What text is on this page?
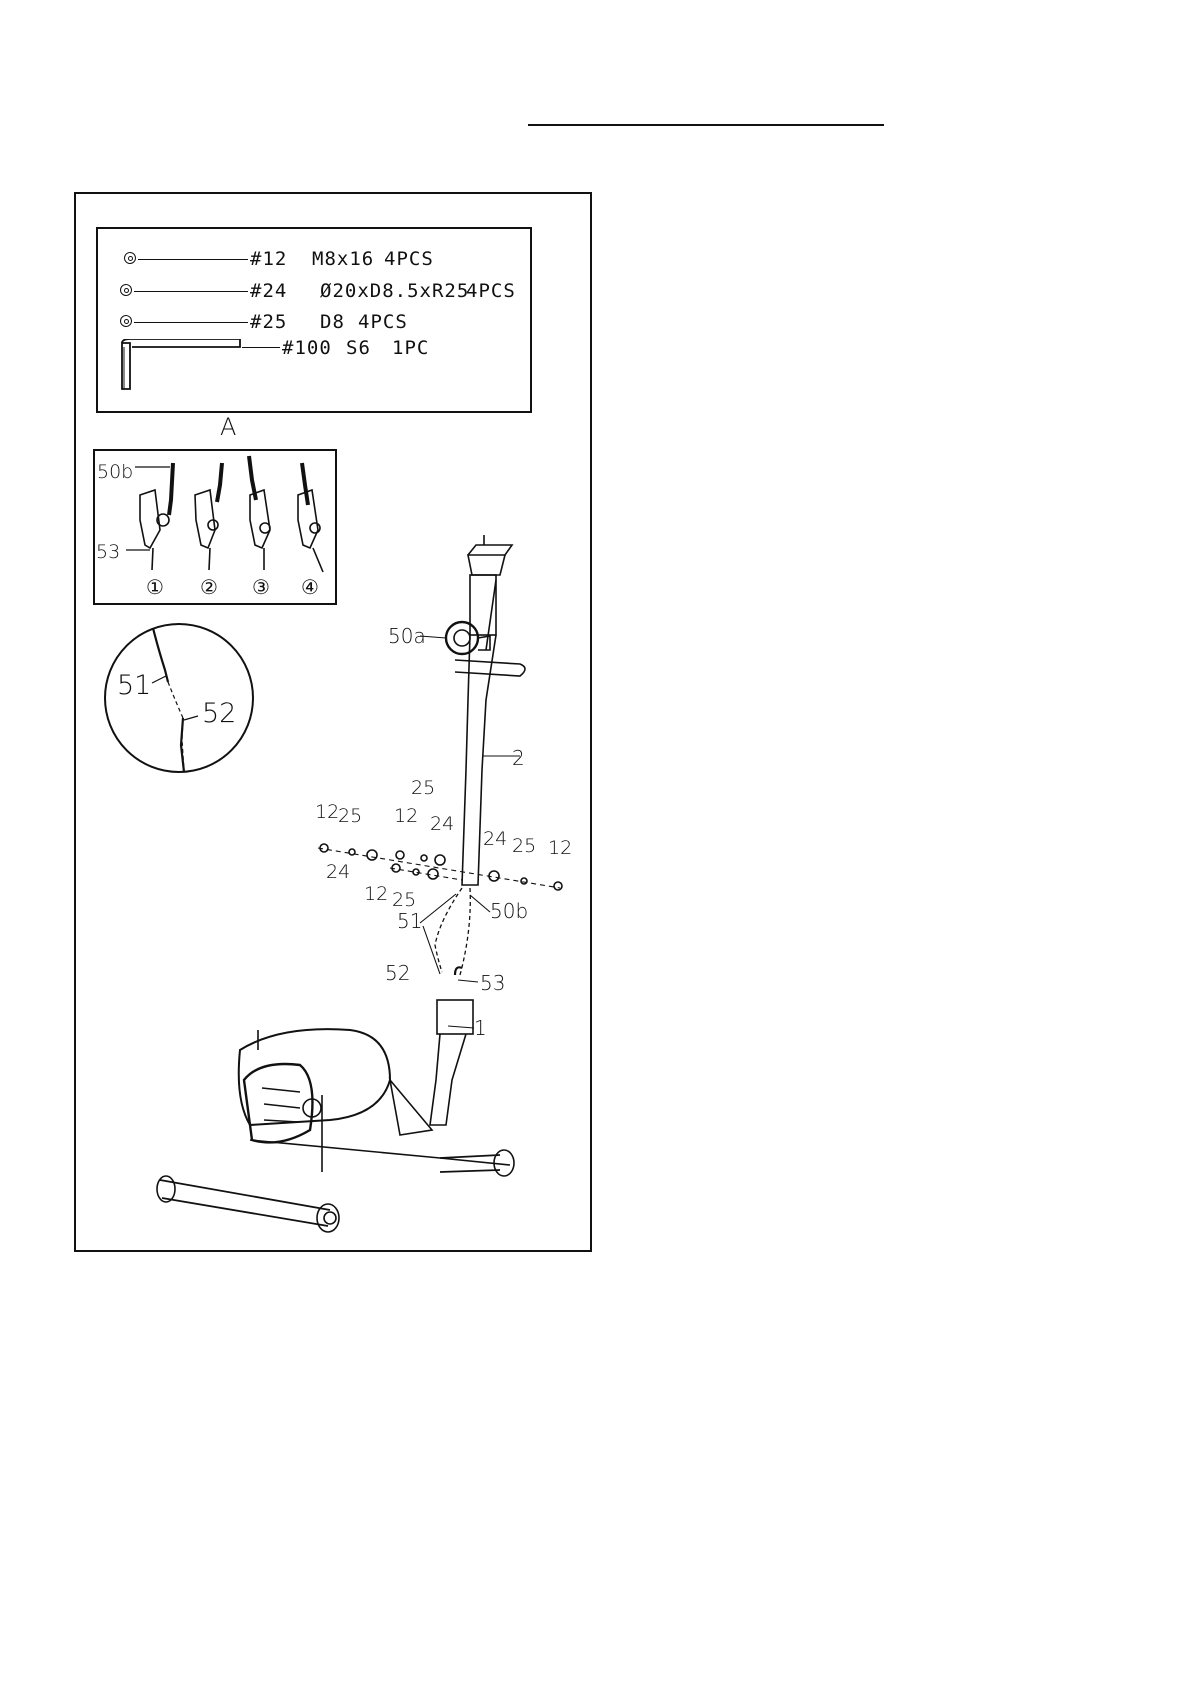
#12 M8x16 4PCS
#24 Ø20xD8.5xR25
4PCS
#25 D8 4PCS
#100 S6 1PC
A
50b
53
① ② ③ ④
51
52
50a
2
1
51	50b
52	53
12
25
24
12
25
24
12 25
24 25 12
